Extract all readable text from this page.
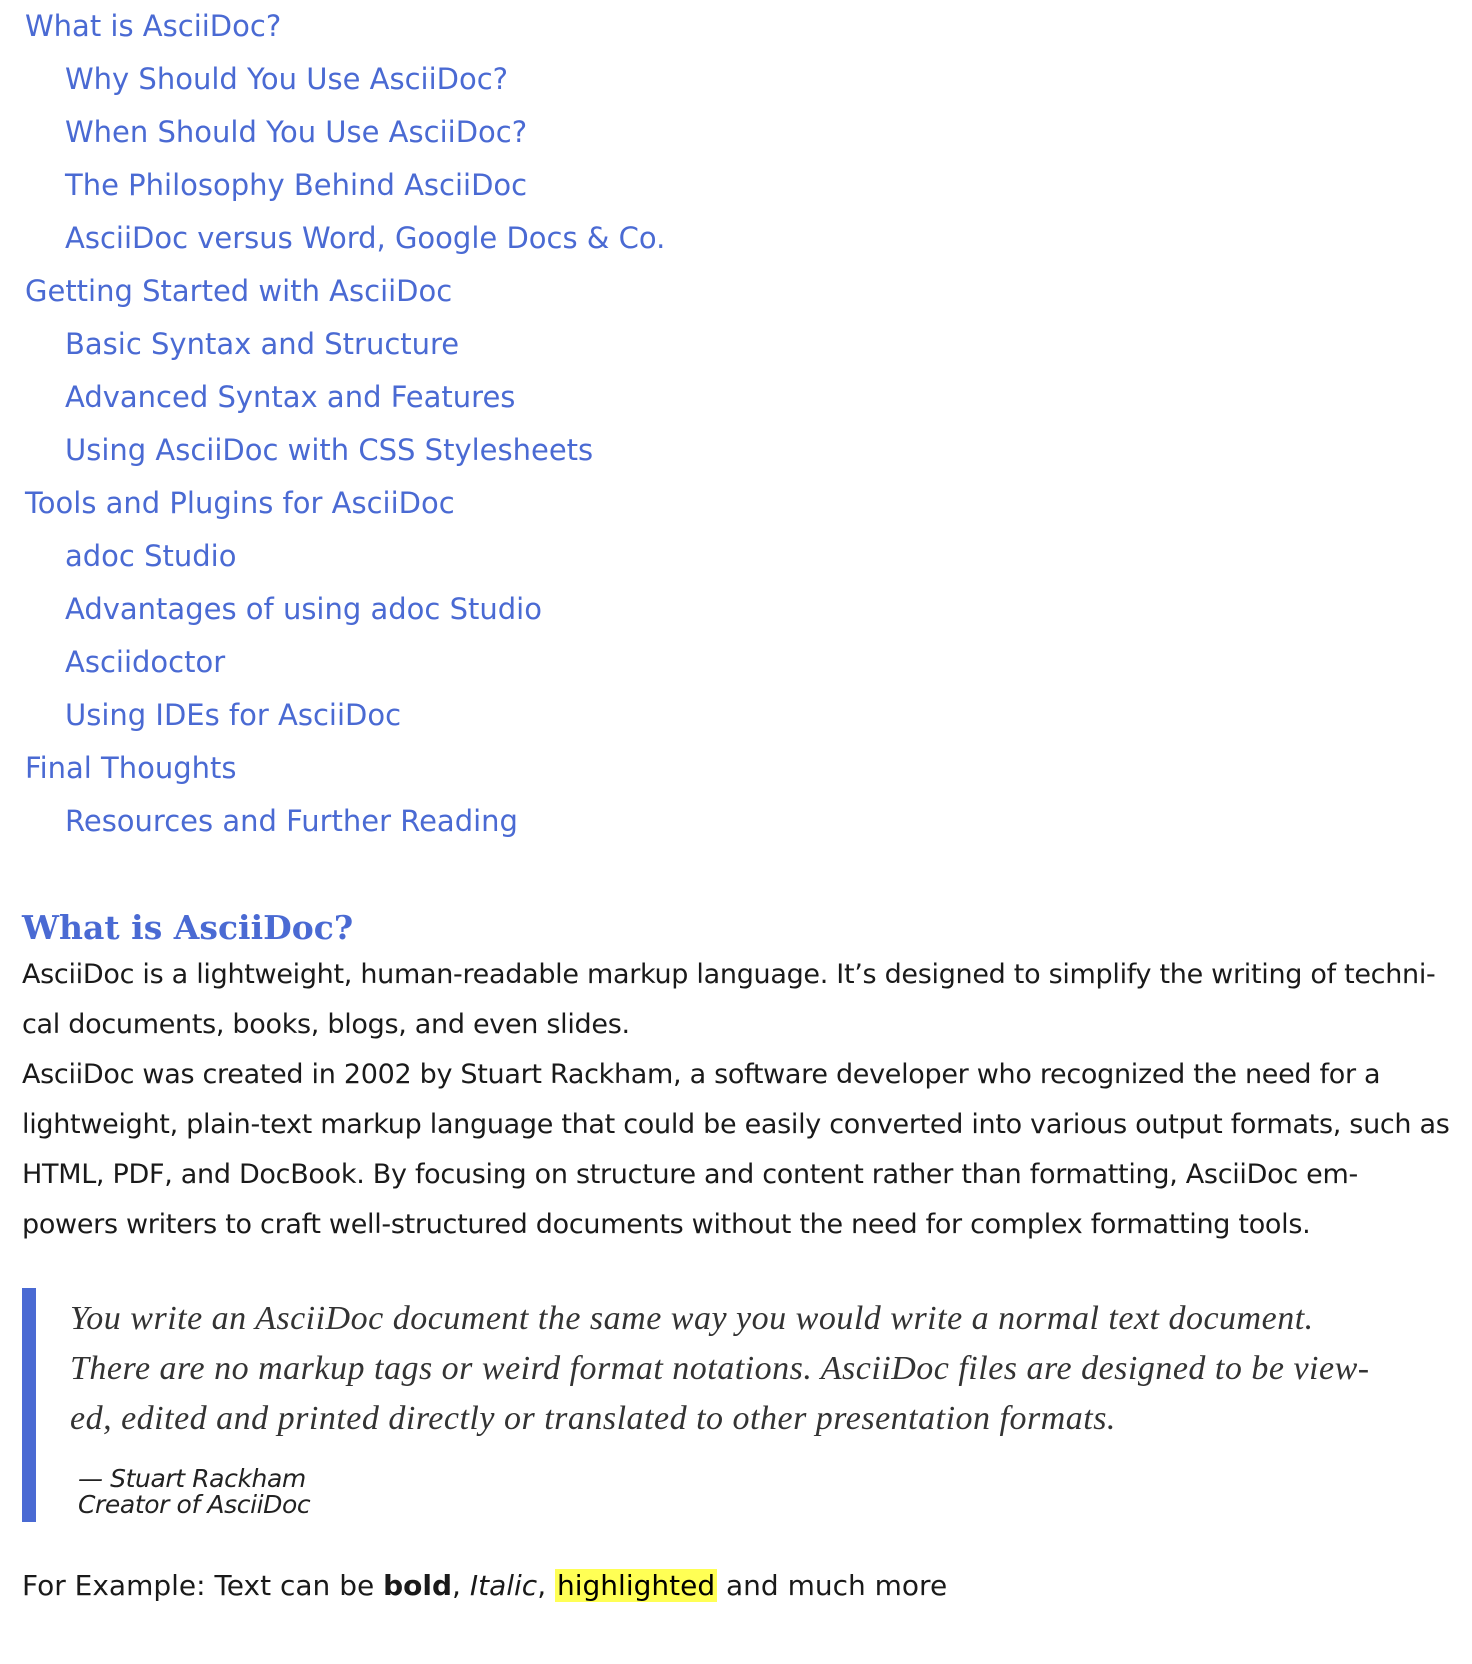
What is AsciiDoc?
Why Should You Use AsciiDoc?
When Should You Use AsciiDoc?
The Philosophy Behind AsciiDoc
AsciiDoc versus Word, Google Docs & Co.
Getting Started with AsciiDoc
Basic Syntax and Structure
Advanced Syntax and Features
Using AsciiDoc with CSS Stylesheets
Tools and Plugins for AsciiDoc
adoc Studio
Advantages of using adoc Studio
Asciidoctor
Using IDEs for AsciiDoc
Final Thoughts
Resources and Further Reading
What is AsciiDoc?

AsciiDoc is a lightweight, human-readable markup language. It’s designed to simplify the writing of techni-cal documents, books, blogs, and even slides.

AsciiDoc was created in 2002 by Stuart Rackham, a software developer who recognized the need for a lightweight, plain-text markup language that could be easily converted into various output formats, such as HTML, PDF, and DocBook. By focusing on structure and content rather than formatting, AsciiDoc em-powers writers to craft well-structured documents without the need for complex formatting tools.

You write an AsciiDoc document the same way you would write a normal text document. There are no markup tags or weird format notations. AsciiDoc files are designed to be view-ed, edited and printed directly or translated to other presentation formats.

— Stuart Rackham
Creator of AsciiDoc

For Example: Text can be bold, Italic, highlighted and much more
